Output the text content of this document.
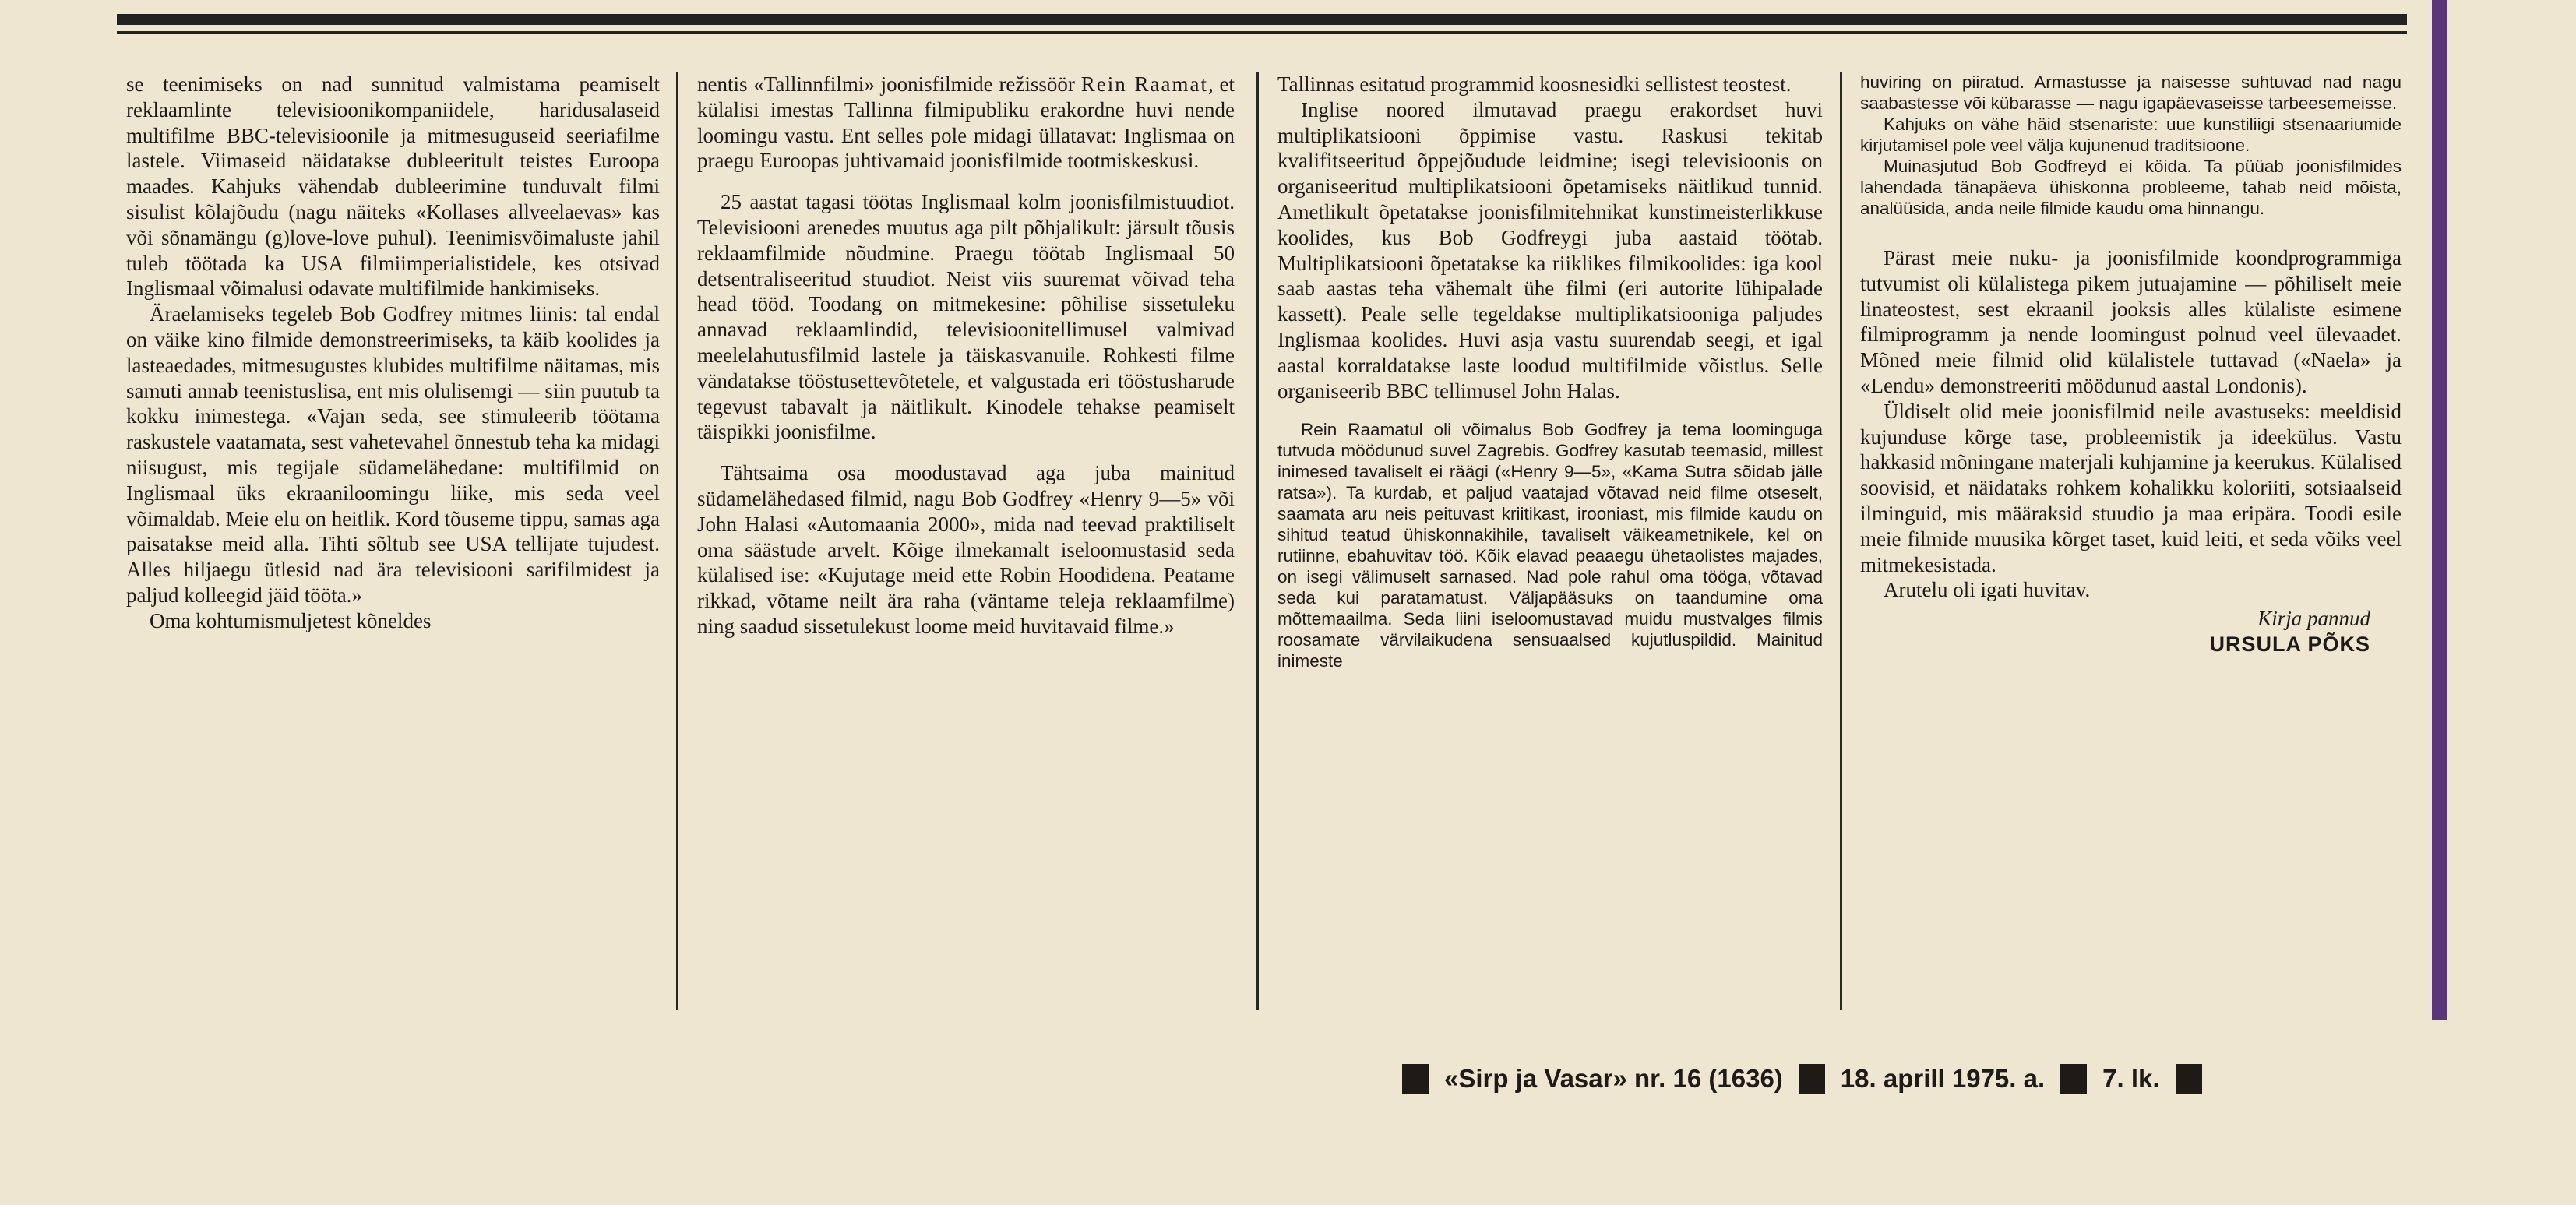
se teenimiseks on nad sunnitud valmistama peamiselt reklaamlinte televisioonikompaniidele, haridusalaseid multifilme BBC-televisioonile ja mitmesuguseid seeriafilme lastele. Viimaseid näidatakse dubleeritult teistes Euroopa maades. Kahjuks vähendab dubleerimine tunduvalt filmi sisulist kõlajõudu (nagu näiteks «Kollases allveelaevas» kas või sõnamängu (g)love-love puhul). Teenimisvõimaluste jahil tuleb töötada ka USA filmiimperialistidele, kes otsivad Inglismaal võimalusi odavate multifilmide hankimiseks.

Äraelamiseks tegeleb Bob Godfrey mitmes liinis: tal endal on väike kino filmide demonstreerimiseks, ta käib koolides ja lasteaedades, mitmesugustes klubides multifilme näitamas, mis samuti annab teenistuslisa, ent mis olulisemgi — siin puutub ta kokku inimestega. «Vajan seda, see stimuleerib töötama raskustele vaatamata, sest vahetevahel õnnestub teha ka midagi niisugust, mis tegijale südamelähedane: multifilmid on Inglismaal üks ekraaniloomingu liike, mis seda veel võimaldab. Meie elu on heitlik. Kord tõuseme tippu, samas aga paisatakse meid alla. Tihti sõltub see USA tellijate tujudest. Alles hiljaegu ütlesid nad ära televisiooni sarifilmidest ja paljud kolleegid jäid tööta.»

Oma kohtumismuljetest kõneldes

nentis «Tallinnfilmi» joonisfilmide režissöör Rein Raamat, et külalisi imestas Tallinna filmipubliku erakordne huvi nende loomingu vastu. Ent selles pole midagi üllatavat: Inglismaa on praegu Euroopas juhtivamaid joonisfilmide tootmiskeskusi.

25 aastat tagasi töötas Inglismaal kolm joonisfilmistuudiot. Televisiooni arenedes muutus aga pilt põhjalikult: järsult tõusis reklaamfilmide nõudmine. Praegu töötab Inglismaal 50 detsentraliseeritud stuudiot. Neist viis suuremat võivad teha head tööd. Toodang on mitmekesine: põhilise sissetuleku annavad reklaamlindid, televisioonitellimusel valmivad meelelahutusfilmid lastele ja täiskasvanuile. Rohkesti filme vändatakse tööstusettevõtetele, et valgustada eri tööstusharude tegevust tabavalt ja näitlikult. Kinodele tehakse peamiselt täispikki joonisfilme.

Tähtsaima osa moodustavad aga juba mainitud südamelähedased filmid, nagu Bob Godfrey «Henry 9—5» või John Halasi «Automaania 2000», mida nad teevad praktiliselt oma säästude arvelt. Kõige ilmekamalt iseloomustasid seda külalised ise: «Kujutage meid ette Robin Hoodidena. Peatame rikkad, võtame neilt ära raha (väntame teleja reklaamfilme) ning saadud sissetulekust loome meid huvitavaid filme.»

Tallinnas esitatud programmid koosnesidki sellistest teostest.

Inglise noored ilmutavad praegu erakordset huvi multiplikatsiooni õppimise vastu. Raskusi tekitab kvalifitseeritud õppejõudude leidmine; isegi televisioonis on organiseeritud multiplikatsiooni õpetamiseks näitlikud tunnid. Ametlikult õpetatakse joonisfilmitehnikat kunstimeisterlikkuse koolides, kus Bob Godfreygi juba aastaid töötab. Multiplikatsiooni õpetatakse ka riiklikes filmikoolides: iga kool saab aastas teha vähemalt ühe filmi (eri autorite lühipalade kassett). Peale selle tegeldakse multiplikatsiooniga paljudes Inglismaa koolides. Huvi asja vastu suurendab seegi, et igal aastal korraldatakse laste loodud multifilmide võistlus. Selle organiseerib BBC tellimusel John Halas.

Rein Raamatul oli võimalus Bob Godfrey ja tema loominguga tutvuda möödunud suvel Zagrebis. Godfrey kasutab teemasid, millest inimesed tavaliselt ei räägi («Henry 9—5», «Kama Sutra sõidab jälle ratsa»). Ta kurdab, et paljud vaatajad võtavad neid filme otseselt, saamata aru neis peituvast kriitikast, irooniast, mis filmide kaudu on sihitud teatud ühiskonnakihile, tavaliselt väikeametnikele, kel on rutiinne, ebahuvitav töö. Kõik elavad peaaegu ühetaolistes majades, on isegi välimuselt sarnased. Nad pole rahul oma tööga, võtavad seda kui paratamatust. Väljapääsuks on taandumine oma mõttemaailma. Seda liini iseloomustavad muidu mustvalges filmis roosamate värvilaikudena sensuaalsed kujutluspildid. Mainitud inimeste

huviring on piiratud. Armastusse ja naisesse suhtuvad nad nagu saabastesse või kübarasse — nagu igapäevaseisse tarbeesemeisse.

Kahjuks on vähe häid stsenariste: uue kunstiliigi stsenaariumide kirjutamisel pole veel välja kujunenud traditsioone.

Muinasjutud Bob Godfreyd ei köida. Ta püüab joonisfilmides lahendada tänapäeva ühiskonna probleeme, tahab neid mõista, analüüsida, anda neile filmide kaudu oma hinnangu.

Pärast meie nuku- ja joonisfilmide koondprogrammiga tutvumist oli külalistega pikem jutuajamine — põhiliselt meie linateostest, sest ekraanil jooksis alles külaliste esimene filmiprogramm ja nende loomingust polnud veel ülevaadet. Mõned meie filmid olid külalistele tuttavad («Naela» ja «Lendu» demonstreeriti möödunud aastal Londonis).

Üldiselt olid meie joonisfilmid neile avastuseks: meeldisid kujunduse kõrge tase, probleemistik ja ideekülus. Vastu hakkasid mõningane materjali kuhjamine ja keerukus. Külalised soovisid, et näidataks rohkem kohalikku koloriiti, sotsiaalseid ilminguid, mis määraksid stuudio ja maa eripära. Toodi esile meie filmide muusika kõrget taset, kuid leiti, et seda võiks veel mitmekesistada.

Arutelu oli igati huvitav.

Kirja pannud

URSULA PÕKS

«Sirp ja Vasar» nr. 16 (1636) 18. aprill 1975. a. 7. lk.
